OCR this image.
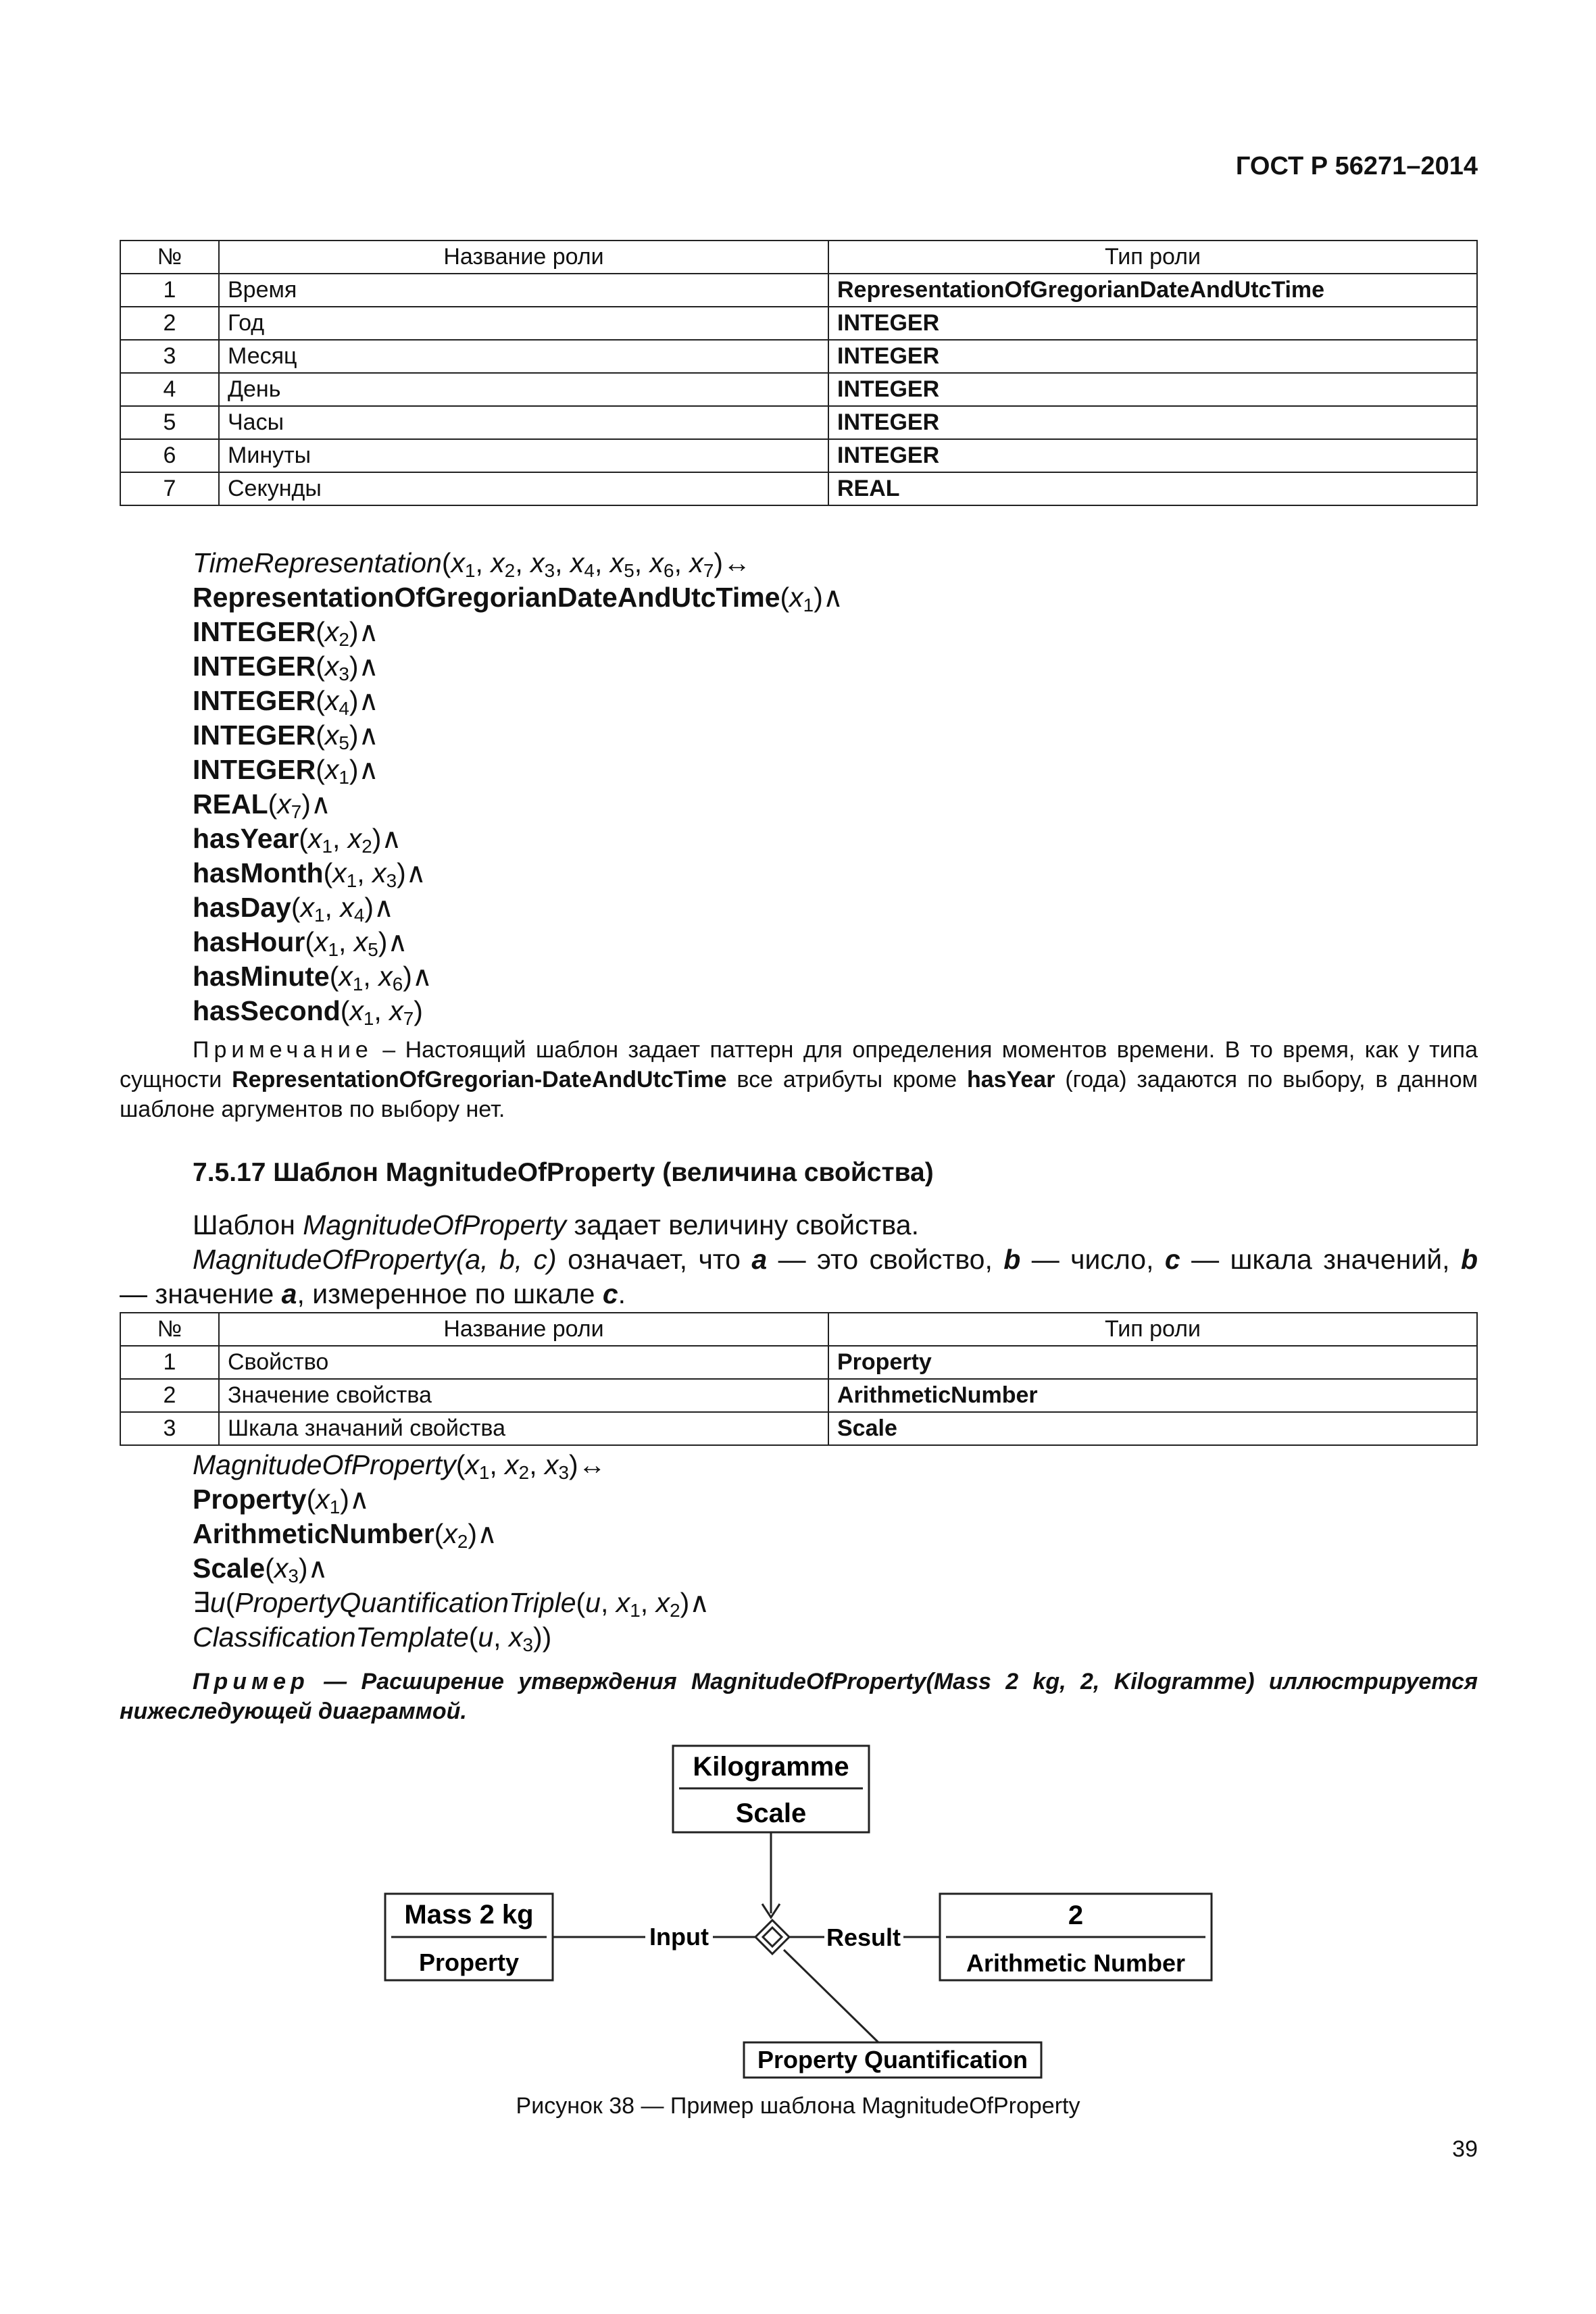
ГОСТ Р 56271–2014
№	Название роли	Тип роли
1	Время	RepresentationOfGregorianDateAndUtcTime
2	Год	INTEGER
3	Месяц	INTEGER
4	День	INTEGER
5	Часы	INTEGER
6	Минуты	INTEGER
7	Секунды	REAL
$TimeRepresentation(x_1$, $x_2$, $x_3$, $x_4$, $x_5$, $x_6$, $x_7)\leftrightarrow$
$RepresentationOfGregorianDateAndUtcTime(x_1)\wedge$
$INTEGER(x_2)\wedge$
$INTEGER(x_3)\wedge$
$INTEGER(x_4)\wedge$
$INTEGER(x_5)\wedge$
$INTEGER(x_1)\wedge$
$REAL(x_7)\wedge$
$hasYear(x_1$, $x_2)\wedge$
$hasMonth(x_1$, $x_3)\wedge$
$hasDay(x_1$, $x_4)\wedge$
$hasHour(x_1$, $x_5)\wedge$
$hasMinute(x_1$, $x_6)\wedge$
$hasSecond(x_1$, $x_7$)
Примечание – Настоящий шаблон задает паттерн для определения моментов времени. В то время, как у типа сущности RepresentationOfGregorian-DateAndUtcTime все атрибуты кроме hasYear (года) задаются по выбору, в данном шаблоне аргументов по выбору нет.
7.5.17 Шаблон MagnitudeOfProperty (величина свойства)
Шаблон MagnitudeOfProperty задает величину свойства.
MagnitudeOfProperty(a, b, c) означает, что a — это свойство, b — число, c — шкала значений, b
— значение a, измеренное по шкале c.
№	Название роли	Тип роли
1	Свойство	Property
2	Значение свойства	ArithmeticNumber
3	Шкала значаний свойства	Scale
$MagnitudeOfProperty(x_1$, $x_2$, $x_3)\leftrightarrow$
$Property(x_1)\wedge$
$ArithmeticNumber(x_2)\wedge$
$Scale(x_3)\wedge$
∃u(PropertyQuantificationTriple(u, $x_1$, $x_2)\wedge$
ClassificationTemplate(u, $x_3$))
Пример — Расширение утверждения MagnitudeOfProperty(Mass 2 kg, 2, Kilogramme) иллюстрируется нижеследующей диаграммой.
Kilogramme
Scale
Mass 2 kg
Property
2
Arithmetic Number
Property Quantification
Input	Result
Рисунок 38 — Пример шаблона MagnitudeOfProperty
39
